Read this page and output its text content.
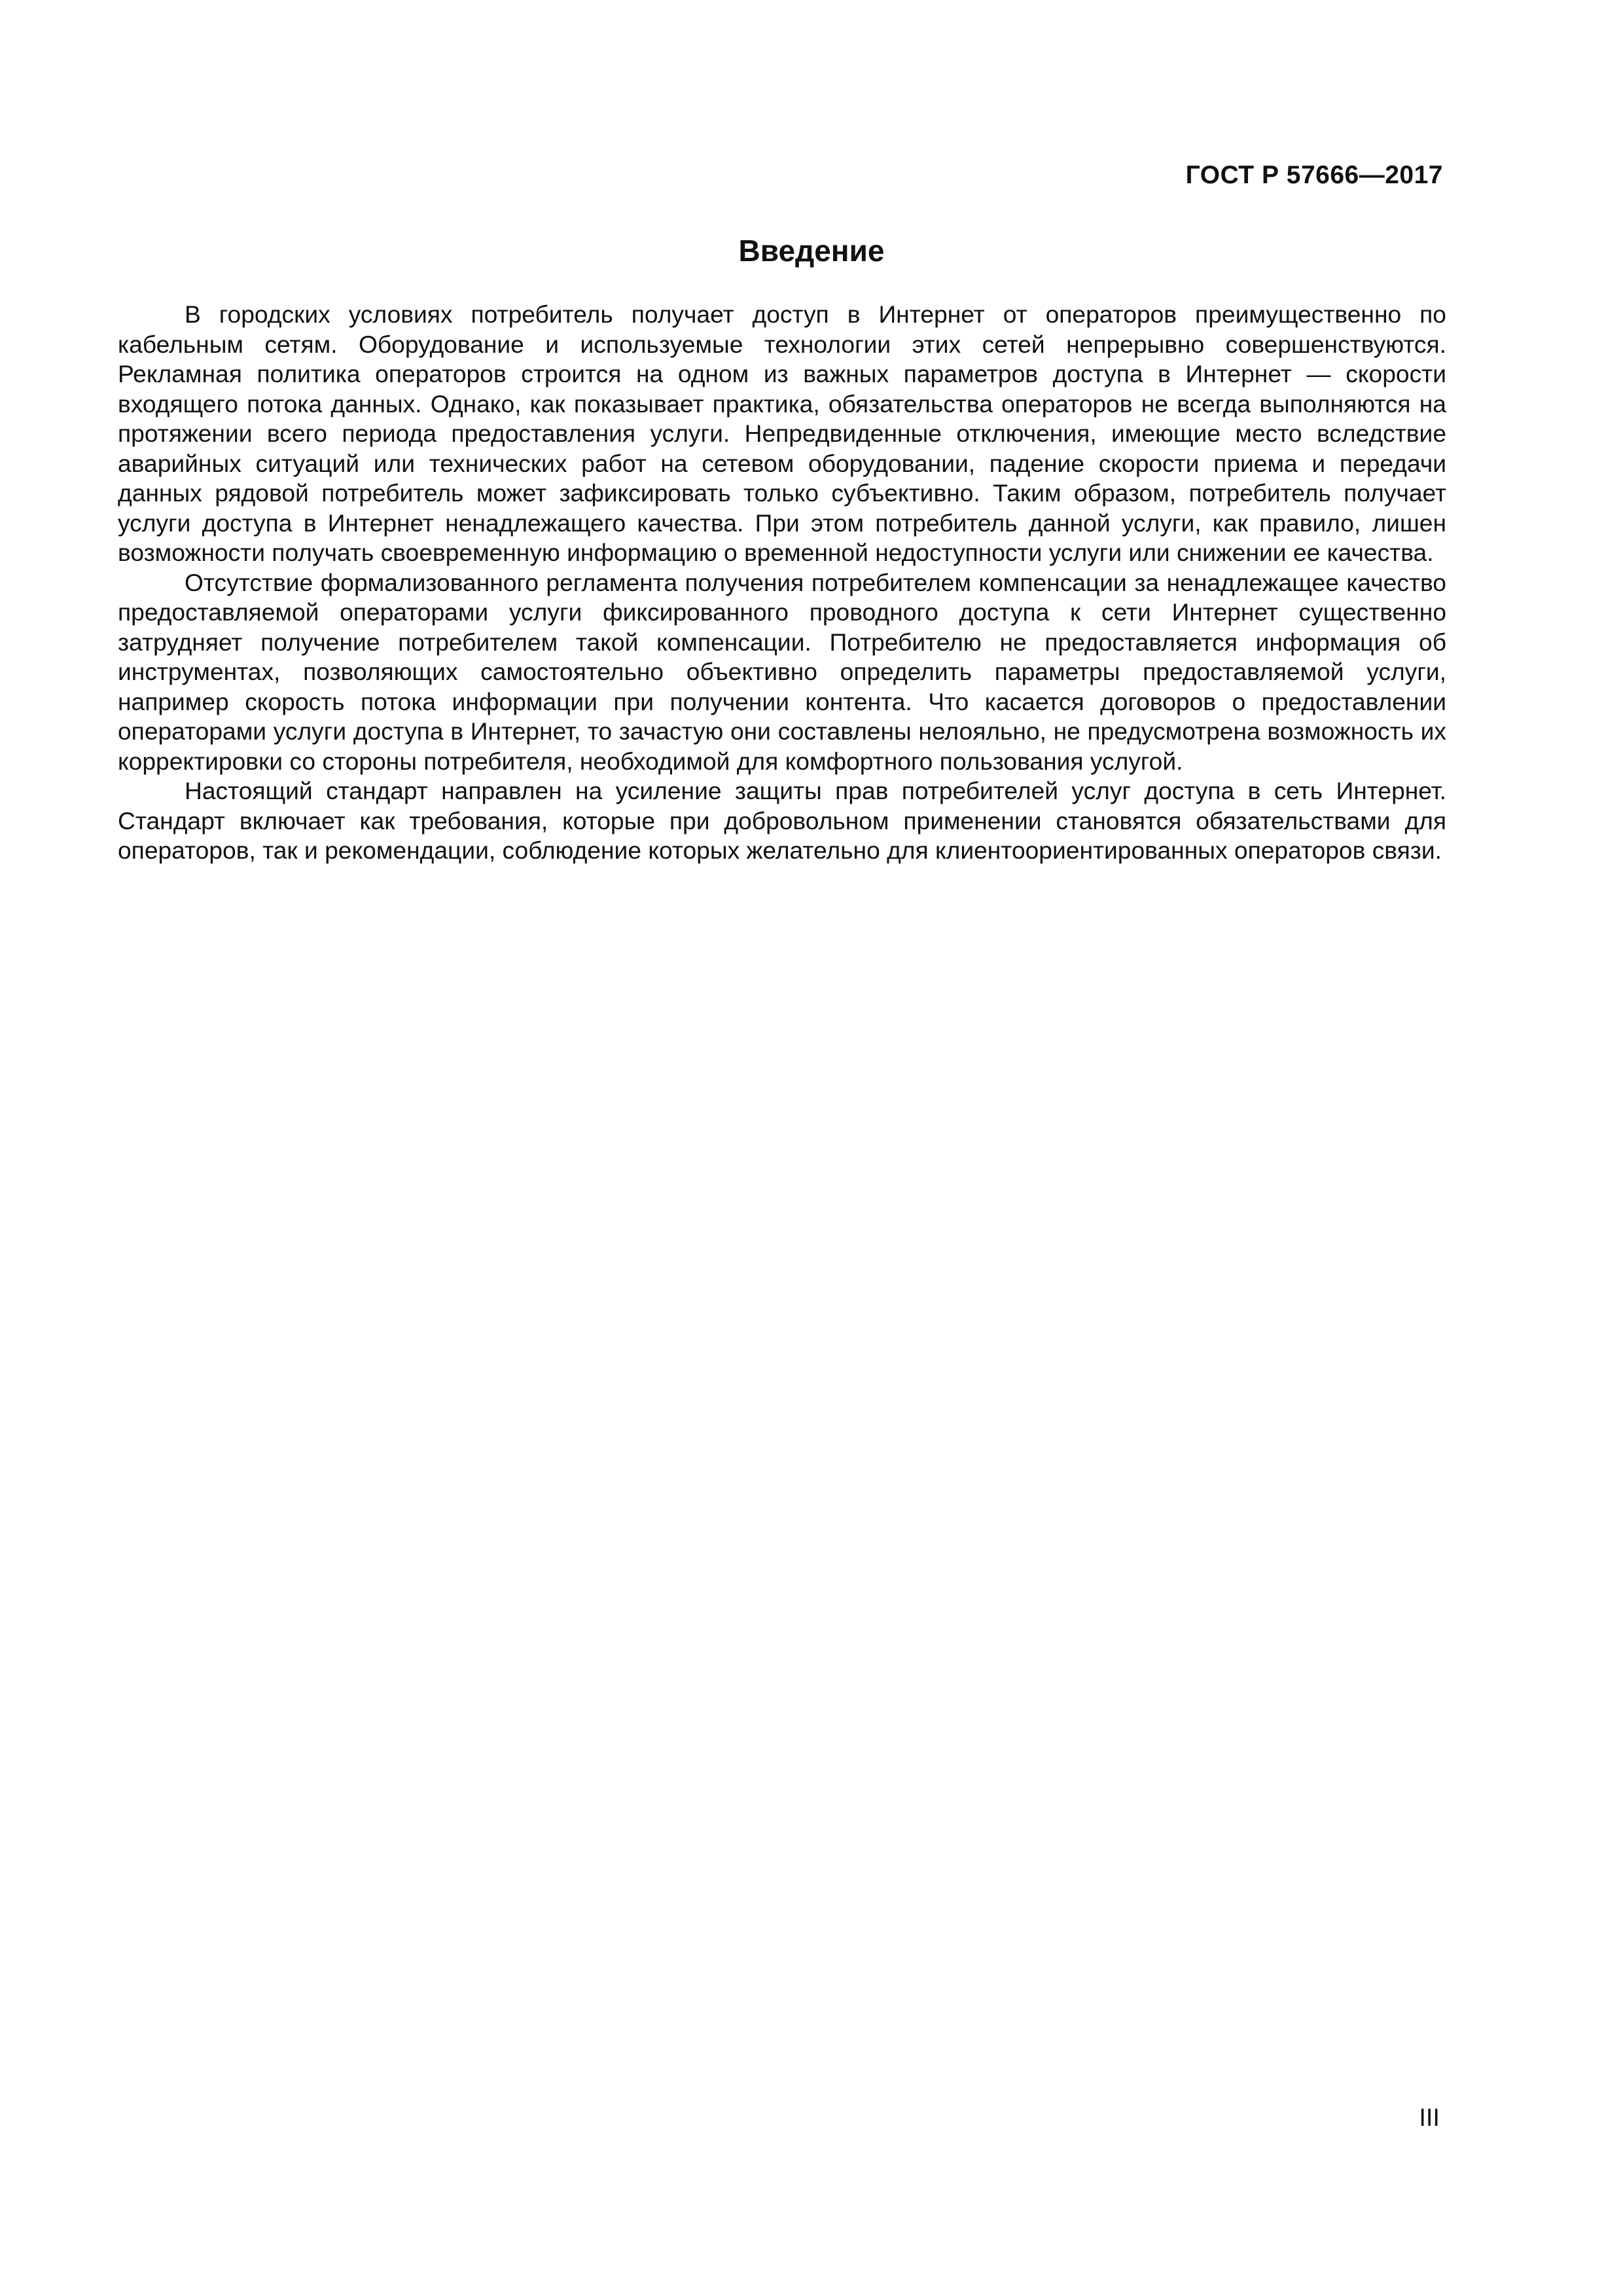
ГОСТ Р 57666—2017
Введение

В городских условиях потребитель получает доступ в Интернет от операторов преимущественно по кабельным сетям. Оборудование и используемые технологии этих сетей непрерывно совершенствуются. Рекламная политика операторов строится на одном из важных параметров доступа в Интернет — скорости входящего потока данных. Однако, как показывает практика, обязательства операторов не всегда выполняются на протяжении всего периода предоставления услуги. Непредвиденные отключения, имеющие место вследствие аварийных ситуаций или технических работ на сетевом оборудовании, падение скорости приема и передачи данных рядовой потребитель может зафиксировать только субъективно. Таким образом, потребитель получает услуги доступа в Интернет ненадлежащего качества. При этом потребитель данной услуги, как правило, лишен возможности получать своевременную информацию о временной недоступности услуги или снижении ее качества.

Отсутствие формализованного регламента получения потребителем компенсации за ненадлежащее качество предоставляемой операторами услуги фиксированного проводного доступа к сети Интернет существенно затрудняет получение потребителем такой компенсации. Потребителю не предоставляется информация об инструментах, позволяющих самостоятельно объективно определить параметры предоставляемой услуги, например скорость потока информации при получении контента. Что касается договоров о предоставлении операторами услуги доступа в Интернет, то зачастую они составлены нелояльно, не предусмотрена возможность их корректировки со стороны потребителя, необходимой для комфортного пользования услугой.

Настоящий стандарт направлен на усиление защиты прав потребителей услуг доступа в сеть Интернет. Стандарт включает как требования, которые при добровольном применении становятся обязательствами для операторов, так и рекомендации, соблюдение которых желательно для клиентоориентированных операторов связи.

III
